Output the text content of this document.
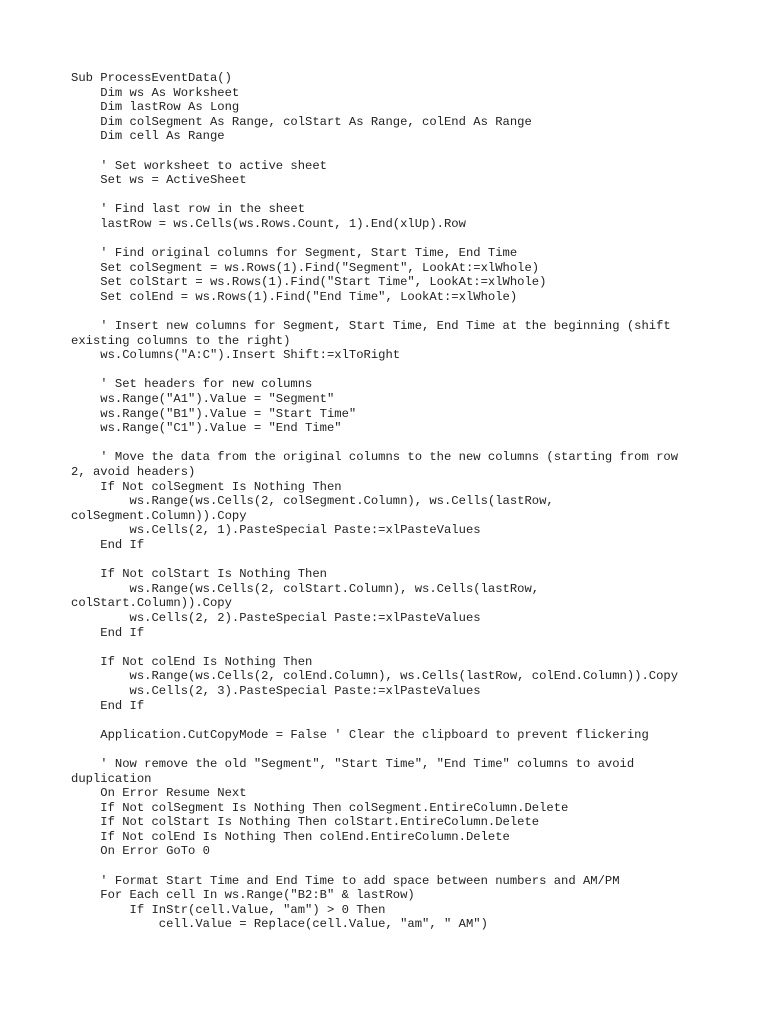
Sub ProcessEventData()
Dim ws As Worksheet
Dim lastRow As Long
Dim colSegment As Range, colStart As Range, colEnd As Range
Dim cell As Range
' Set worksheet to active sheet
Set ws = ActiveSheet
' Find last row in the sheet
lastRow = ws.Cells(ws.Rows.Count, 1).End(xlUp).Row
' Find original columns for Segment, Start Time, End Time
Set colSegment = ws.Rows(1).Find("Segment", LookAt:=xlWhole)
Set colStart = ws.Rows(1).Find("Start Time", LookAt:=xlWhole)
Set colEnd = ws.Rows(1).Find("End Time", LookAt:=xlWhole)
' Insert new columns for Segment, Start Time, End Time at the beginning (shift
existing columns to the right)
ws.Columns("A:C").Insert Shift:=xlToRight
' Set headers for new columns
ws.Range("A1").Value = "Segment"
ws.Range("B1").Value = "Start Time"
ws.Range("C1").Value = "End Time"
' Move the data from the original columns to the new columns (starting from row
2, avoid headers)
If Not colSegment Is Nothing Then
ws.Range(ws.Cells(2, colSegment.Column), ws.Cells(lastRow,
colSegment.Column)).Copy
ws.Cells(2, 1).PasteSpecial Paste:=xlPasteValues
End If
If Not colStart Is Nothing Then
ws.Range(ws.Cells(2, colStart.Column), ws.Cells(lastRow,
colStart.Column)).Copy
ws.Cells(2, 2).PasteSpecial Paste:=xlPasteValues
End If
If Not colEnd Is Nothing Then
ws.Range(ws.Cells(2, colEnd.Column), ws.Cells(lastRow, colEnd.Column)).Copy
ws.Cells(2, 3).PasteSpecial Paste:=xlPasteValues
End If
Application.CutCopyMode = False ' Clear the clipboard to prevent flickering
' Now remove the old "Segment", "Start Time", "End Time" columns to avoid
duplication
On Error Resume Next
If Not colSegment Is Nothing Then colSegment.EntireColumn.Delete
If Not colStart Is Nothing Then colStart.EntireColumn.Delete
If Not colEnd Is Nothing Then colEnd.EntireColumn.Delete
On Error GoTo 0
' Format Start Time and End Time to add space between numbers and AM/PM
For Each cell In ws.Range("B2:B" & lastRow)
If InStr(cell.Value, "am") > 0 Then
cell.Value = Replace(cell.Value, "am", " AM")
